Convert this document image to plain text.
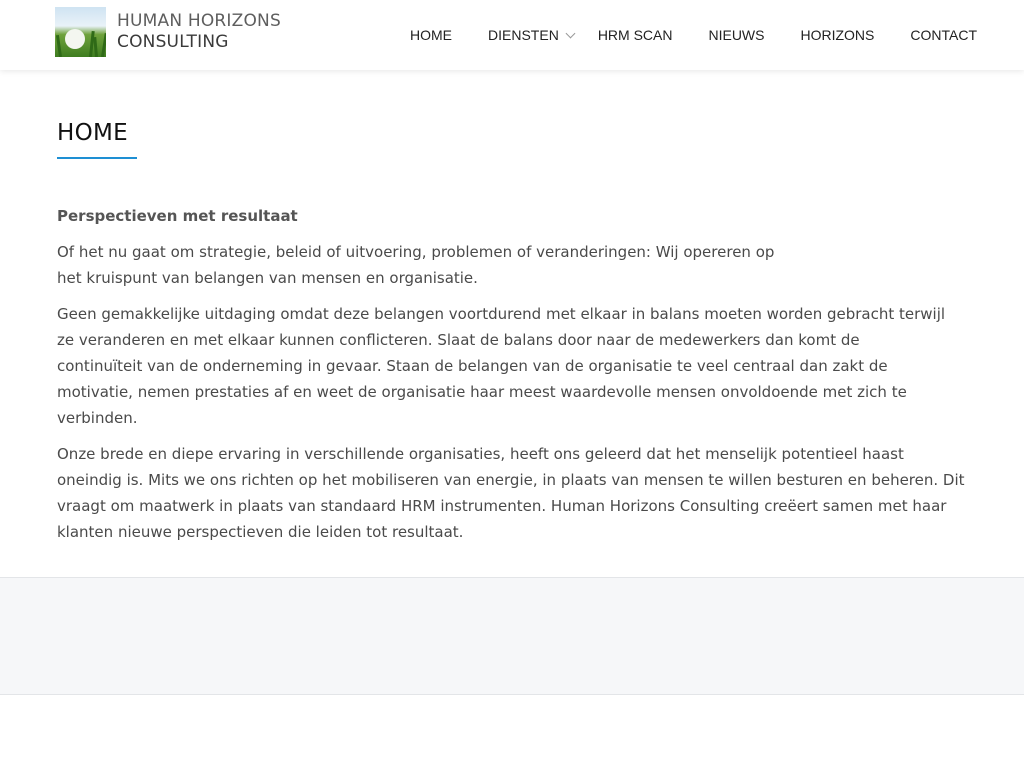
HUMAN HORIZONS
CONSULTING	HOME	DIENSTEN	HRM SCAN	NIEUWS	HORIZONS	CONTACT
HOME

Perspectieven met resultaat

Of het nu gaat om strategie, beleid of uitvoering, problemen of veranderingen: Wij opereren op het kruispunt van belangen van mensen en organisatie.

Geen gemakkelijke uitdaging omdat deze belangen voortdurend met elkaar in balans moeten worden gebracht terwijl ze veranderen en met elkaar kunnen conflicteren. Slaat de balans door naar de medewerkers dan komt de continuïteit van de onderneming in gevaar. Staan de belangen van de organisatie te veel centraal dan zakt de motivatie, nemen prestaties af en weet de organisatie haar meest waardevolle mensen onvoldoende met zich te verbinden.

Onze brede en diepe ervaring in verschillende organisaties, heeft ons geleerd dat het menselijk potentieel haast oneindig is. Mits we ons richten op het mobiliseren van energie, in plaats van mensen te willen besturen en beheren. Dit vraagt om maatwerk in plaats van standaard HRM instrumenten. Human Horizons Consulting creëert samen met haar klanten nieuwe perspectieven die leiden tot resultaat.
